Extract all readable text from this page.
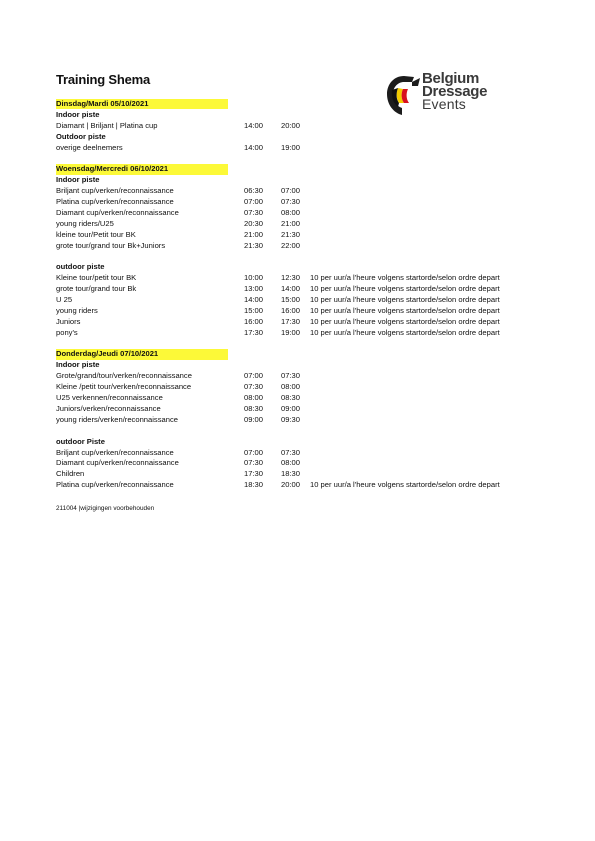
Training Shema	Belgium
Dressage
Events
Dinsdag/Mardi 05/10/2021
Indoor piste
Diamant | Briljant | Platina cup	14:00 20:00
Outdoor piste
overige deelnemers	14:00 19:00
Woensdag/Mercredi 06/10/2021
Indoor piste
Briljant cup/verken/reconnaissance	06:30 07:00
Platina cup/verken/reconnaissance	07:00 07:30
Diamant cup/verken/reconnaissance	07:30 08:00
young riders/U25	20:30 21:00
kleine tour/Petit tour BK	21:00 21:30
grote tour/grand tour Bk+Juniors	21:30 22:00
outdoor piste
Kleine tour/petit tour BK	10:00 12:30 10 per uur/a l'heure volgens startorde/selon ordre depart
grote tour/grand tour Bk	13:00 14:00 10 per uur/a l'heure volgens startorde/selon ordre depart
U 25	14:00 15:00 10 per uur/a l'heure volgens startorde/selon ordre depart
young riders	15:00 16:00 10 per uur/a l'heure volgens startorde/selon ordre depart
Juniors	16:00 17:30 10 per uur/a l'heure volgens startorde/selon ordre depart
pony's	17:30 19:00 10 per uur/a l'heure volgens startorde/selon ordre depart
Donderdag/Jeudi 07/10/2021
Indoor piste
Grote/grand/tour/verken/reconnaissance	07:00 07:30
Kleine /petit tour/verken/reconnaissance	07:30 08:00
U25 verkennen/reconnaissance	08:00 08:30
Juniors/verken/reconnaissance	08:30 09:00
young riders/verken/reconnaissance	09:00 09:30
outdoor Piste
Briljant cup/verken/reconnaissance	07:00 07:30
Diamant cup/verken/reconnaissance	07:30 08:00
Children	17:30 18:30
Platina cup/verken/reconnaissance	18:30 20:00 10 per uur/a l'heure volgens startorde/selon ordre depart
211004 |wijzigingen voorbehouden
